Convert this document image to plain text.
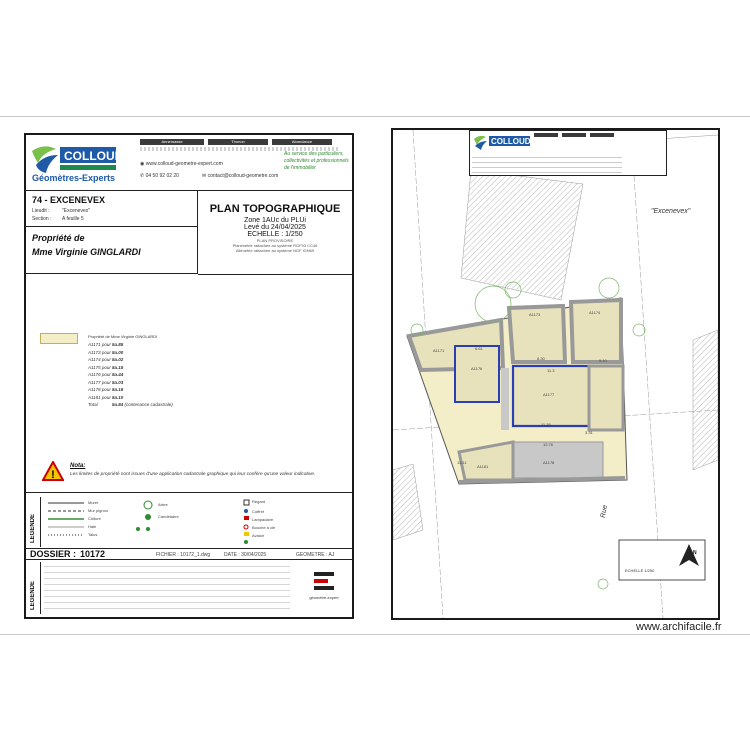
COLLOUD
Géomètres-Experts
Annemasse	Thonon	Abondance
◉ www.colloud-geometre-expert.com
✆ 04 50 92 02 20	✉ contact@colloud-geometre.com
Au service des particuliers, collectivités et professionnels de l'immobilier
74 - EXCENEVEX
Lieudit : "Excenevex"
Section : A feuille 5
Propriété de
Mme Virginie GINGLARDI
PLAN TOPOGRAPHIQUE
Zone 1AUc du PLUi
Levé du 24/04/2025
ECHELLE : 1/250
PLAN PROVISOIRE
Planimétrie rattachée au système RGF93 CC46
Altimétrie rattachée au système NGF IGN69
Propriété de Mme Virginie GINGLARDI
A1171 pour5a.85
A1173 pour5a.00
A1174 pour5a.02
A1175 pour5a.15
A1176 pour5a.44
A1177 pour5a.03
A1178 pour5a.16
A1181 pour5a.10
Total	5a.84 (contenance cadastrale)
!
Nota:
Les limites de propriété sont issues d'une application cadastrale graphique qui leur confère qu'une valeur indicative.
LEGENDE
Muret
Mur pignon
Clôture
Haie
Talus
Arbre
Candélabre
Regard
Coffret
Lampadaire
Bouche à clé
Avaloir
DOSSIER : 10172	FICHIER : 10172_1.dwg	DATE : 30/04/2025	GEOMETRE : AJ
LEGENDE	géomètre-expert
COLLOUD
"Excenevex"
Rue
A1171
A1173	A1174
A1176
A1177
A1178
A1181
8.30
11.3
11.35
12.76
3.31
13.11
5.10
6.61
N
ECHELLE 1/250
www.archifacile.fr
